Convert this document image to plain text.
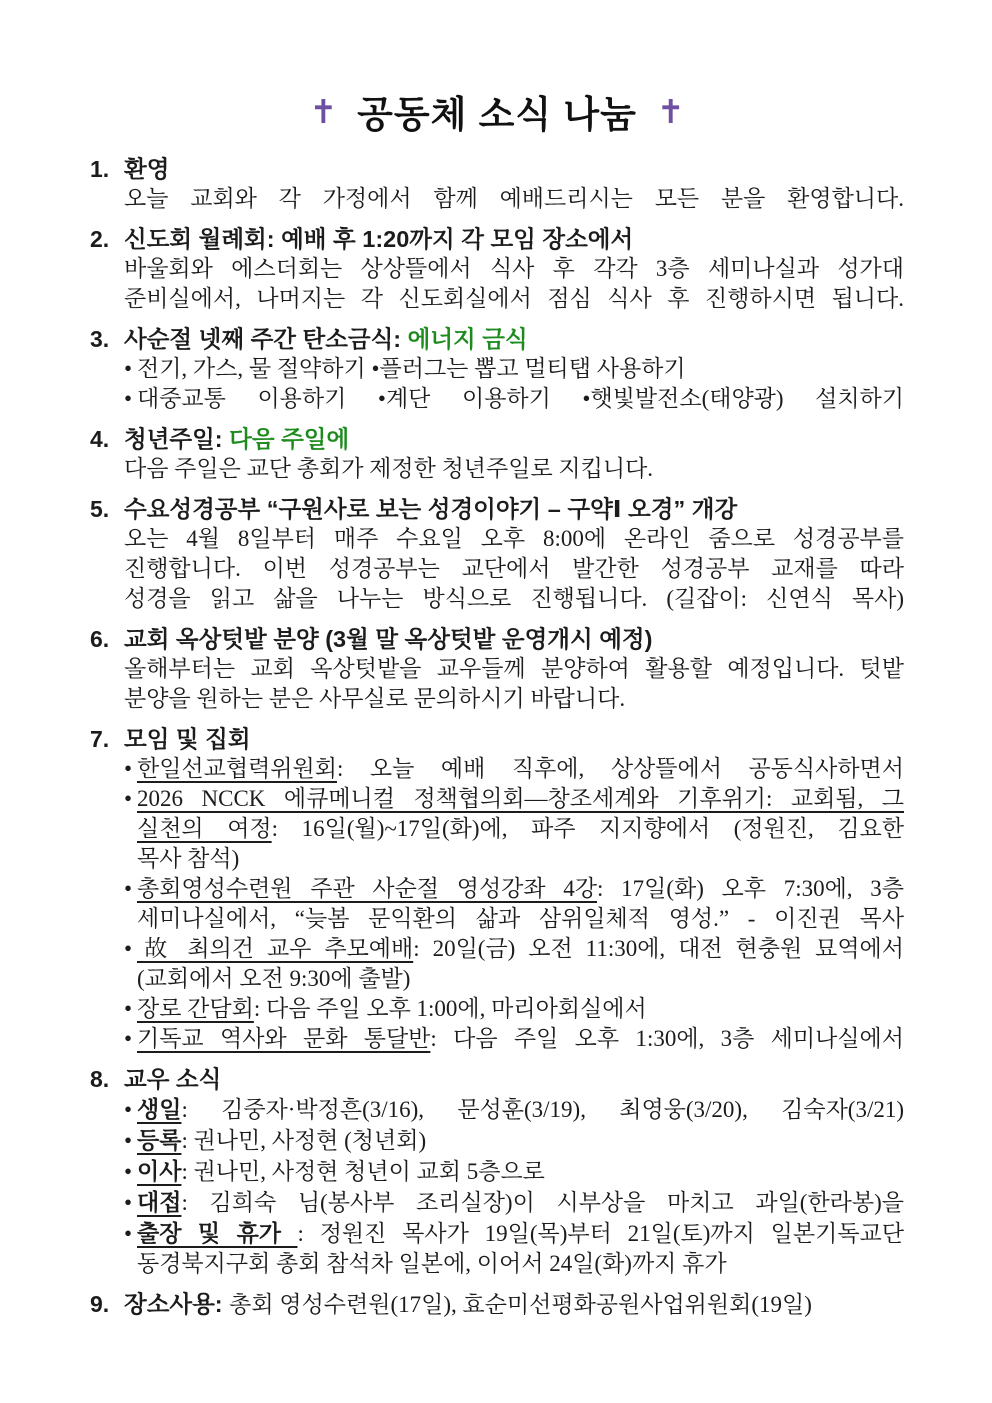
✝ 공동체 소식 나눔 ✝
1. 환영
오늘 교회와 각 가정에서 함께 예배드리시는 모든 분을 환영합니다.
2. 신도회 월례회: 예배 후 1:20까지 각 모임 장소에서
바울회와 에스더회는 상상뜰에서 식사 후 각각 3층 세미나실과 성가대
준비실에서, 나머지는 각 신도회실에서 점심 식사 후 진행하시면 됩니다.
3. 사순절 넷째 주간 탄소금식: 에너지 금식
• 전기, 가스, 물 절약하기 •플러그는 뽑고 멀티탭 사용하기
• 대중교통 이용하기 •계단 이용하기 •햇빛발전소(태양광) 설치하기
4. 청년주일: 다음 주일에
다음 주일은 교단 총회가 제정한 청년주일로 지킵니다.
5. 수요성경공부 “구원사로 보는 성경이야기 – 구약Ⅰ 오경” 개강
오는 4월 8일부터 매주 수요일 오후 8:00에 온라인 줌으로 성경공부를
진행합니다. 이번 성경공부는 교단에서 발간한 성경공부 교재를 따라
성경을 읽고 삶을 나누는 방식으로 진행됩니다. (길잡이: 신연식 목사)
6. 교회 옥상텃밭 분양 (3월 말 옥상텃밭 운영개시 예정)
올해부터는 교회 옥상텃밭을 교우들께 분양하여 활용할 예정입니다. 텃밭
분양을 원하는 분은 사무실로 문의하시기 바랍니다.
7. 모임 및 집회
• 한일선교협력위원회: 오늘 예배 직후에, 상상뜰에서 공동식사하면서
• 2026 NCCK 에큐메니컬 정책협의회—창조세계와 기후위기: 교회됨, 그
실천의 여정: 16일(월)~17일(화)에, 파주 지지향에서 (정원진, 김요한
목사 참석)
• 총회영성수련원 주관 사순절 영성강좌 4강: 17일(화) 오후 7:30에, 3층
세미나실에서, “늦봄 문익환의 삶과 삼위일체적 영성.” - 이진권 목사
• 故 최의건 교우 추모예배: 20일(금) 오전 11:30에, 대전 현충원 묘역에서
(교회에서 오전 9:30에 출발)
• 장로 간담회: 다음 주일 오후 1:00에, 마리아회실에서
• 기독교 역사와 문화 통달반: 다음 주일 오후 1:30에, 3층 세미나실에서
8. 교우 소식
• 생일: 김중자·박정흔(3/16), 문성훈(3/19), 최영웅(3/20), 김숙자(3/21)
• 등록: 권나민, 사정현 (청년회)
• 이사: 권나민, 사정현 청년이 교회 5층으로
• 대접: 김희숙 님(봉사부 조리실장)이 시부상을 마치고 과일(한라봉)을
• 출장 및 휴가 : 정원진 목사가 19일(목)부터 21일(토)까지 일본기독교단
동경북지구회 총회 참석차 일본에, 이어서 24일(화)까지 휴가
9. 장소사용: 총회 영성수련원(17일), 효순미선평화공원사업위원회(19일)
